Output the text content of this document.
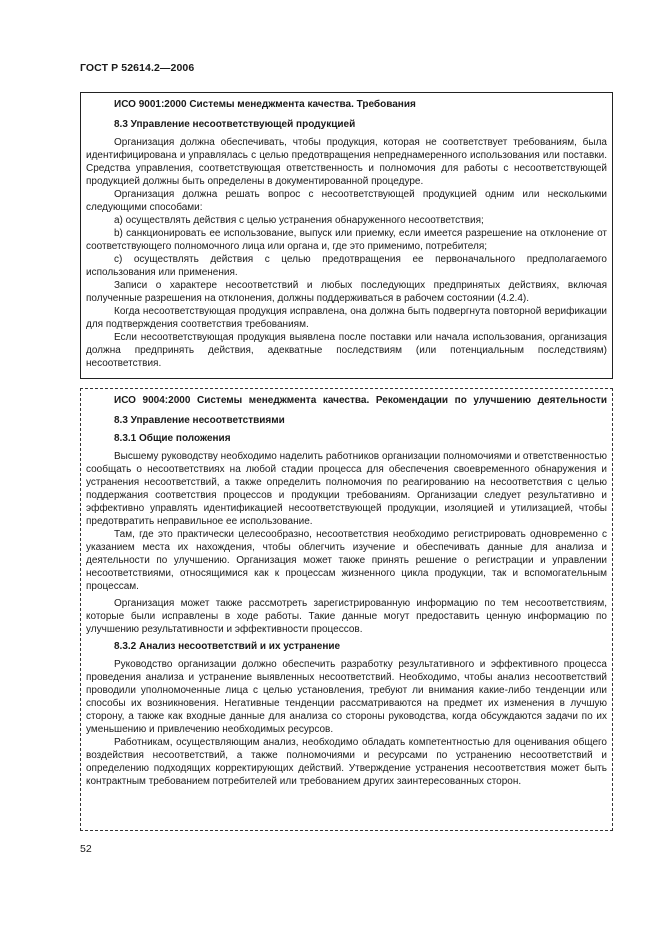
ГОСТ Р 52614.2—2006

ИСО 9001:2000 Системы менеджмента качества. Требования

8.3 Управление несоответствующей продукцией

Организация должна обеспечивать, чтобы продукция, которая не соответствует требованиям, была идентифицирована и управлялась с целью предотвращения непреднамеренного использования или поставки. Средства управления, соответствующая ответственность и полномочия для работы с несоответствующей продукцией должны быть определены в документированной процедуре.

Организация должна решать вопрос с несоответствующей продукцией одним или несколькими следующими способами:

a) осуществлять действия с целью устранения обнаруженного несоответствия;

b) санкционировать ее использование, выпуск или приемку, если имеется разрешение на отклонение от соответствующего полномочного лица или органа и, где это применимо, потребителя;

c) осуществлять действия с целью предотвращения ее первоначального предполагаемого использования или применения.

Записи о характере несоответствий и любых последующих предпринятых действиях, включая полученные разрешения на отклонения, должны поддерживаться в рабочем состоянии (4.2.4).

Когда несоответствующая продукция исправлена, она должна быть подвергнута повторной верификации для подтверждения соответствия требованиям.

Если несоответствующая продукция выявлена после поставки или начала использования, организация должна предпринять действия, адекватные последствиям (или потенциальным последствиям) несоответствия.

ИСО 9004:2000 Системы менеджмента качества. Рекомендации по улучшению деятельности

8.3 Управление несоответствиями

8.3.1 Общие положения

Высшему руководству необходимо наделить работников организации полномочиями и ответственностью сообщать о несоответствиях на любой стадии процесса для обеспечения своевременного обнаружения и устранения несоответствий, а также определить полномочия по реагированию на несоответствия с целью поддержания соответствия процессов и продукции требованиям. Организации следует результативно и эффективно управлять идентификацией несоответствующей продукции, изоляцией и утилизацией, чтобы предотвратить неправильное ее использование.

Там, где это практически целесообразно, несоответствия необходимо регистрировать одновременно с указанием места их нахождения, чтобы облегчить изучение и обеспечивать данные для анализа и деятельности по улучшению. Организация может также принять решение о регистрации и управлении несоответствиями, относящимися как к процессам жизненного цикла продукции, так и вспомогательным процессам.

Организация может также рассмотреть зарегистрированную информацию по тем несоответствиям, которые были исправлены в ходе работы. Такие данные могут предоставить ценную информацию по улучшению результативности и эффективности процессов.

8.3.2 Анализ несоответствий и их устранение

Руководство организации должно обеспечить разработку результативного и эффективного процесса проведения анализа и устранение выявленных несоответствий. Необходимо, чтобы анализ несоответствий проводили уполномоченные лица с целью установления, требуют ли внимания какие-либо тенденции или способы их возникновения. Негативные тенденции рассматриваются на предмет их изменения в лучшую сторону, а также как входные данные для анализа со стороны руководства, когда обсуждаются задачи по их уменьшению и привлечению необходимых ресурсов.

Работникам, осуществляющим анализ, необходимо обладать компетентностью для оценивания общего воздействия несоответствий, а также полномочиями и ресурсами по устранению несоответствий и определению подходящих корректирующих действий. Утверждение устранения несоответствия может быть контрактным требованием потребителей или требованием других заинтересованных сторон.

52
